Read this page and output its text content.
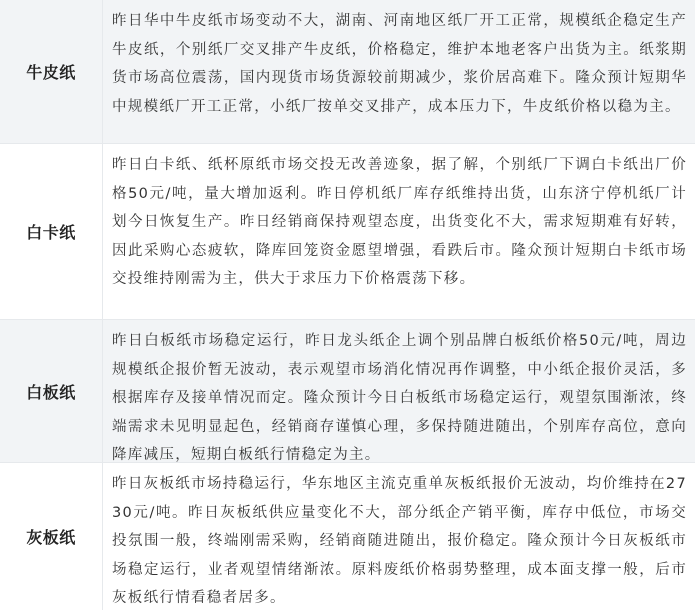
牛皮纸

昨日华中牛皮纸市场变动不大，湖南、河南地区纸厂开工正常，规模纸企稳定生产牛皮纸，个别纸厂交叉排产牛皮纸，价格稳定，维护本地老客户出货为主。纸浆期货市场高位震荡，国内现货市场货源较前期减少，浆价居高难下。隆众预计短期华中规模纸厂开工正常，小纸厂按单交叉排产，成本压力下，牛皮纸价格以稳为主。

白卡纸

昨日白卡纸、纸杯原纸市场交投无改善迹象，据了解，个别纸厂下调白卡纸出厂价格50元/吨，量大增加返利。昨日停机纸厂库存纸维持出货，山东济宁停机纸厂计划今日恢复生产。昨日经销商保持观望态度，出货变化不大，需求短期难有好转，因此采购心态疲软，降库回笼资金愿望增强，看跌后市。隆众预计短期白卡纸市场交投维持刚需为主，供大于求压力下价格震荡下移。

白板纸

昨日白板纸市场稳定运行，昨日龙头纸企上调个别品牌白板纸价格50元/吨，周边规模纸企报价暂无波动，表示观望市场消化情况再作调整，中小纸企报价灵活，多根据库存及接单情况而定。隆众预计今日白板纸市场稳定运行，观望氛围渐浓，终端需求未见明显起色，经销商存谨慎心理，多保持随进随出，个别库存高位，意向降库减压，短期白板纸行情稳定为主。

灰板纸

昨日灰板纸市场持稳运行，华东地区主流克重单灰板纸报价无波动，均价维持在2730元/吨。昨日灰板纸供应量变化不大，部分纸企产销平衡，库存中低位，市场交投氛围一般，终端刚需采购，经销商随进随出，报价稳定。隆众预计今日灰板纸市场稳定运行，业者观望情绪渐浓。原料废纸价格弱势整理，成本面支撑一般，后市灰板纸行情看稳者居多。
